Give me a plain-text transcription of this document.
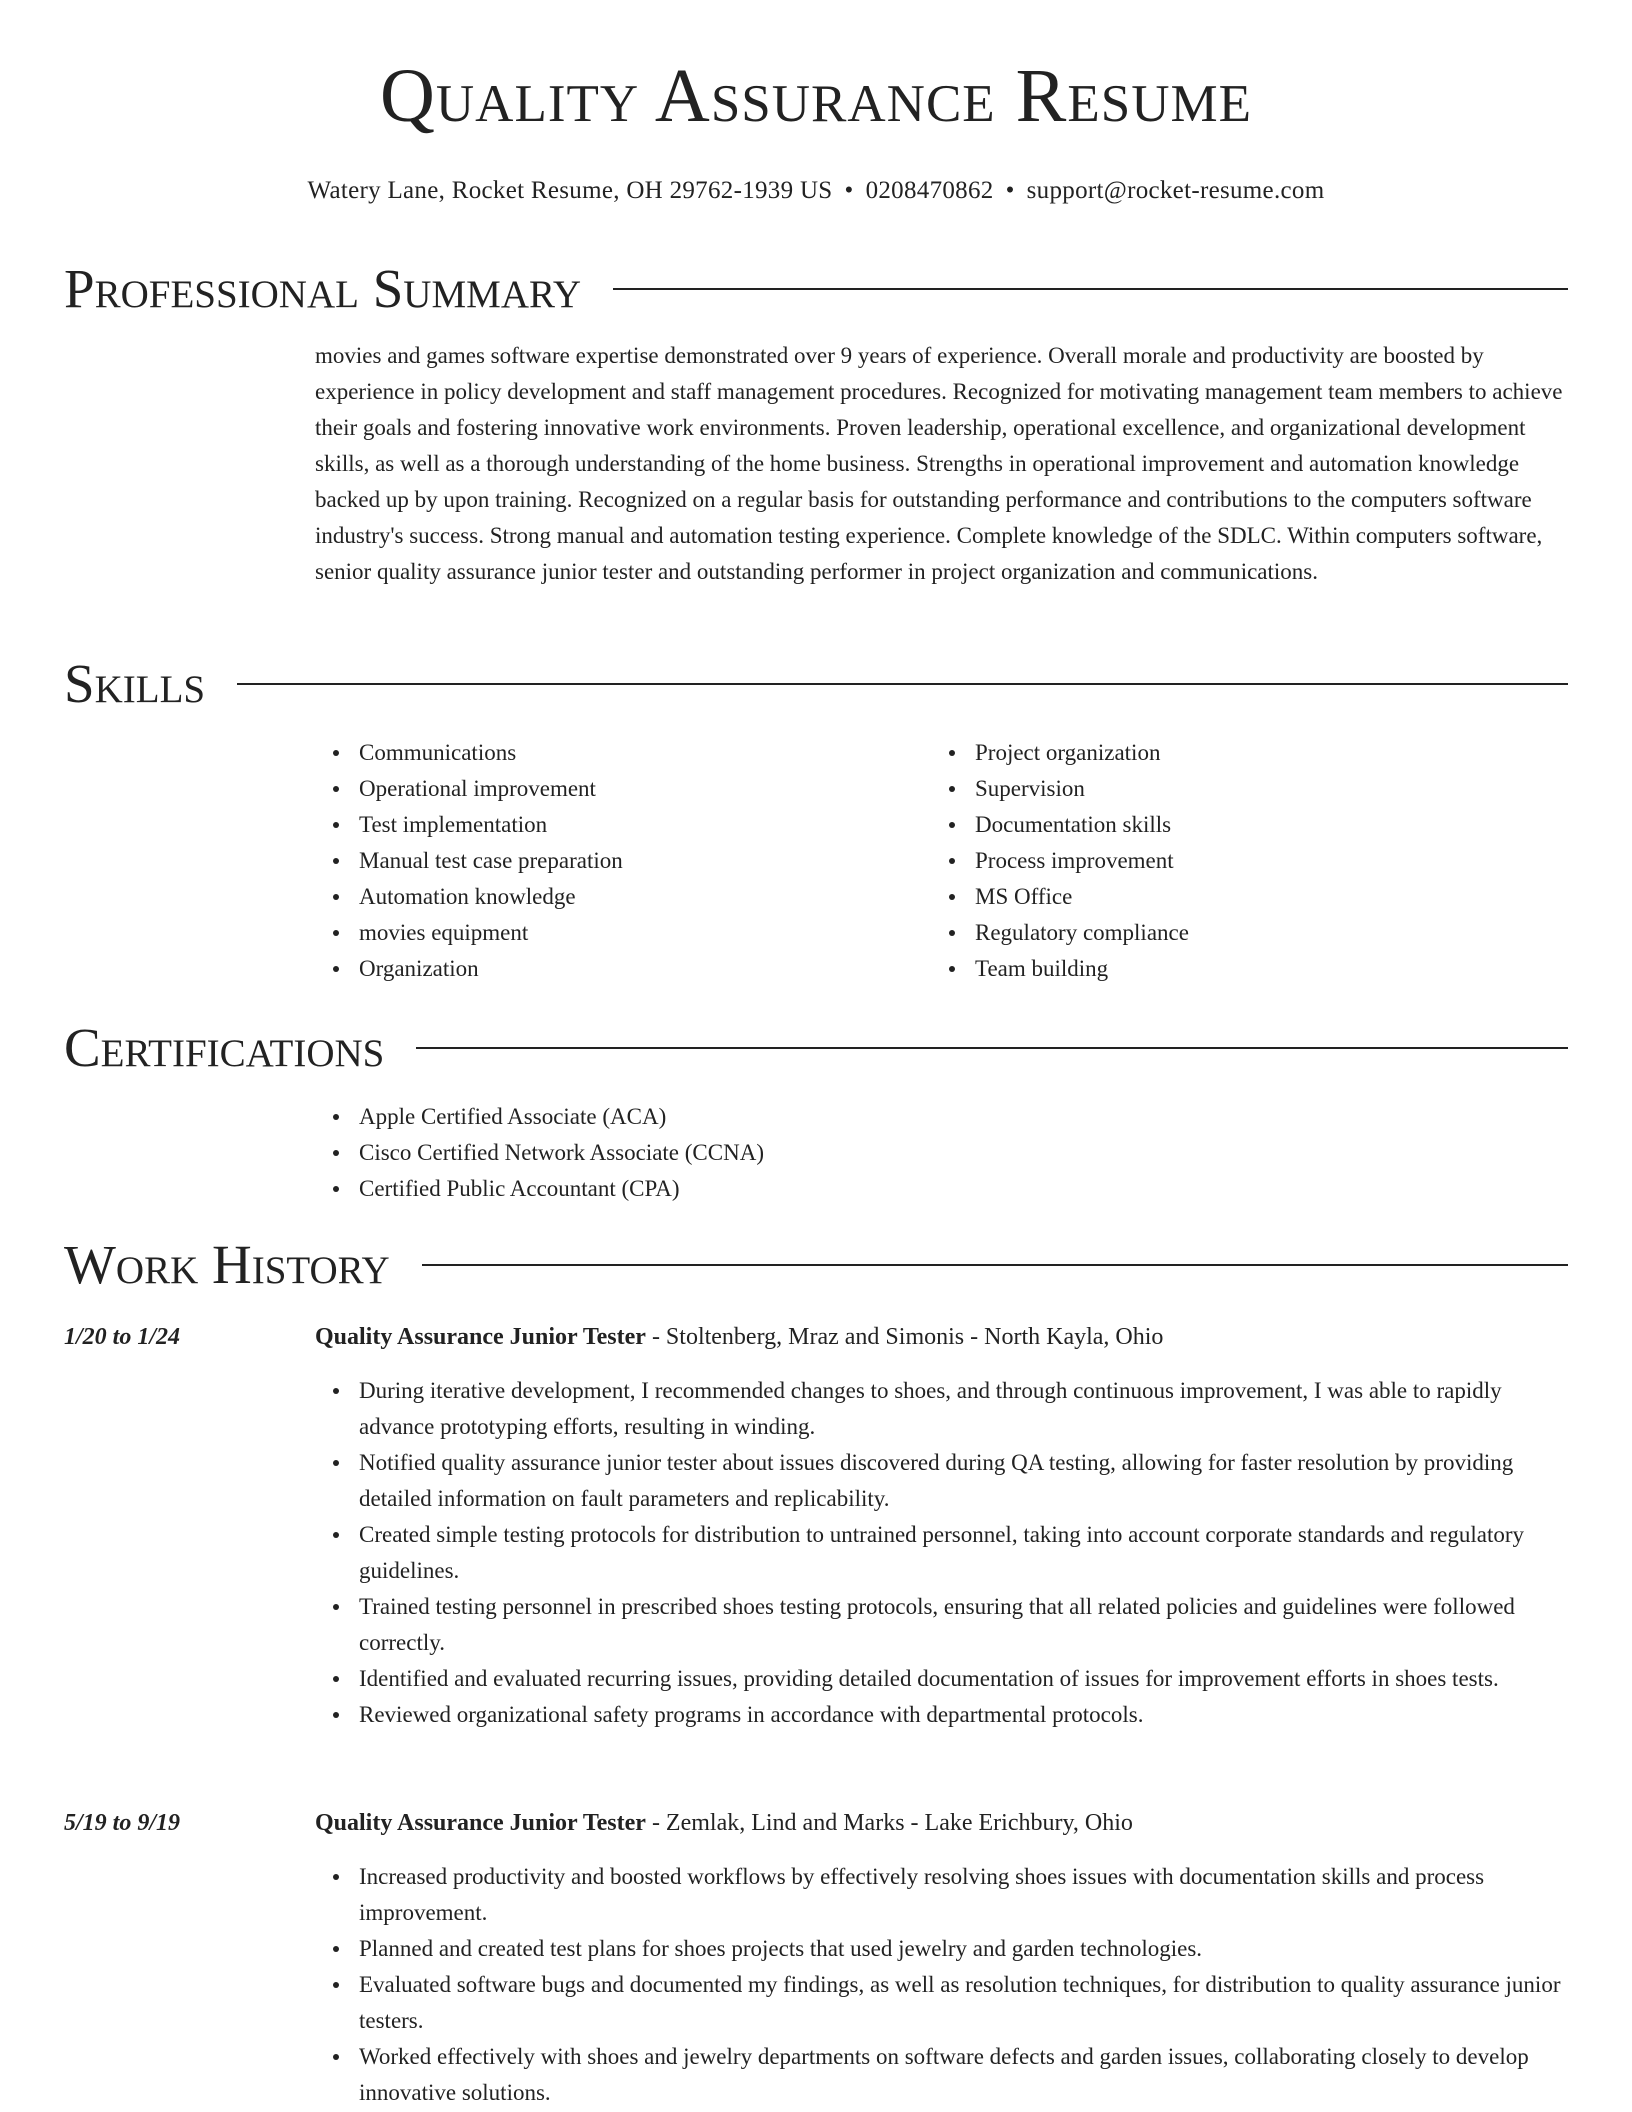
Quality Assurance Resume
Watery Lane, Rocket Resume, OH 29762-1939 US • 0208470862 • support@rocket-resume.com
Professional Summary
movies and games software expertise demonstrated over 9 years of experience. Overall morale and productivity are boosted by experience in policy development and staff management procedures. Recognized for motivating management team members to achieve their goals and fostering innovative work environments. Proven leadership, operational excellence, and organizational development skills, as well as a thorough understanding of the home business. Strengths in operational improvement and automation knowledge backed up by upon training. Recognized on a regular basis for outstanding performance and contributions to the computers software industry's success. Strong manual and automation testing experience. Complete knowledge of the SDLC. Within computers software, senior quality assurance junior tester and outstanding performer in project organization and communications.
Skills
Communications
Operational improvement
Test implementation
Manual test case preparation
Automation knowledge
movies equipment
Organization
Project organization
Supervision
Documentation skills
Process improvement
MS Office
Regulatory compliance
Team building
Certifications
Apple Certified Associate (ACA)
Cisco Certified Network Associate (CCNA)
Certified Public Accountant (CPA)
Work History
1/20 to 1/24	Quality Assurance Junior Tester - Stoltenberg, Mraz and Simonis - North Kayla, Ohio
During iterative development, I recommended changes to shoes, and through continuous improvement, I was able to rapidly advance prototyping efforts, resulting in winding.
Notified quality assurance junior tester about issues discovered during QA testing, allowing for faster resolution by providing detailed information on fault parameters and replicability.
Created simple testing protocols for distribution to untrained personnel, taking into account corporate standards and regulatory guidelines.
Trained testing personnel in prescribed shoes testing protocols, ensuring that all related policies and guidelines were followed correctly.
Identified and evaluated recurring issues, providing detailed documentation of issues for improvement efforts in shoes tests.
Reviewed organizational safety programs in accordance with departmental protocols.
5/19 to 9/19	Quality Assurance Junior Tester - Zemlak, Lind and Marks - Lake Erichbury, Ohio
Increased productivity and boosted workflows by effectively resolving shoes issues with documentation skills and process improvement.
Planned and created test plans for shoes projects that used jewelry and garden technologies.
Evaluated software bugs and documented my findings, as well as resolution techniques, for distribution to quality assurance junior testers.
Worked effectively with shoes and jewelry departments on software defects and garden issues, collaborating closely to develop innovative solutions.
